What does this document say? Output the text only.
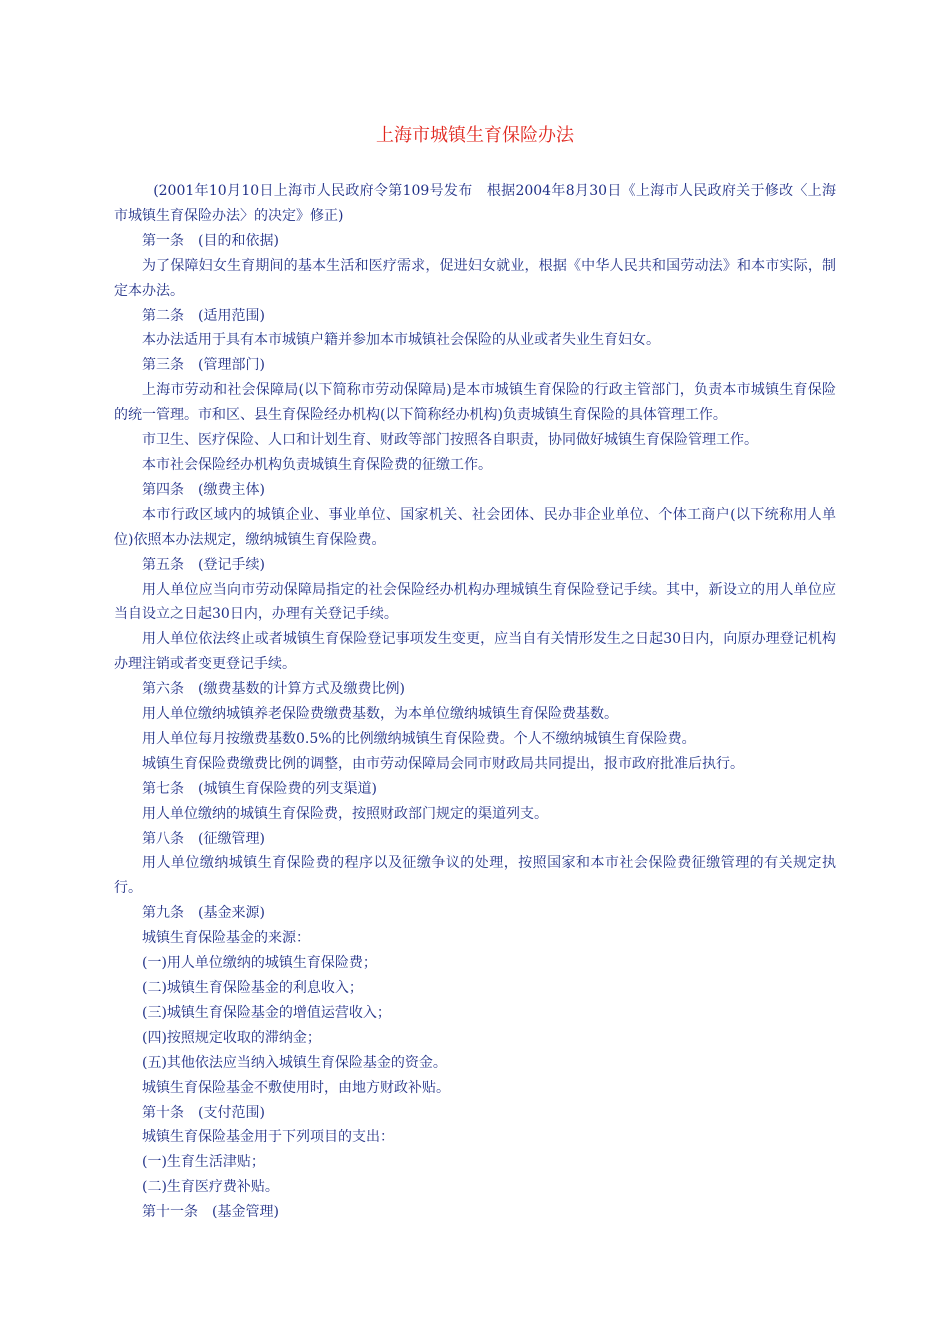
上海市城镇生育保险办法

(2001年10月10日上海市人民政府令第109号发布　根据2004年8月30日《上海市人民政府关于修改〈上海市城镇生育保险办法〉的决定》修正)

第一条　(目的和依据)

为了保障妇女生育期间的基本生活和医疗需求，促进妇女就业，根据《中华人民共和国劳动法》和本市实际，制定本办法。

第二条　(适用范围)

本办法适用于具有本市城镇户籍并参加本市城镇社会保险的从业或者失业生育妇女。

第三条　(管理部门)

上海市劳动和社会保障局(以下简称市劳动保障局)是本市城镇生育保险的行政主管部门，负责本市城镇生育保险的统一管理。市和区、县生育保险经办机构(以下简称经办机构)负责城镇生育保险的具体管理工作。

市卫生、医疗保险、人口和计划生育、财政等部门按照各自职责，协同做好城镇生育保险管理工作。

本市社会保险经办机构负责城镇生育保险费的征缴工作。

第四条　(缴费主体)

本市行政区域内的城镇企业、事业单位、国家机关、社会团体、民办非企业单位、个体工商户(以下统称用人单位)依照本办法规定，缴纳城镇生育保险费。

第五条　(登记手续)

用人单位应当向市劳动保障局指定的社会保险经办机构办理城镇生育保险登记手续。其中，新设立的用人单位应当自设立之日起30日内，办理有关登记手续。

用人单位依法终止或者城镇生育保险登记事项发生变更，应当自有关情形发生之日起30日内，向原办理登记机构办理注销或者变更登记手续。

第六条　(缴费基数的计算方式及缴费比例)

用人单位缴纳城镇养老保险费缴费基数，为本单位缴纳城镇生育保险费基数。

用人单位每月按缴费基数0.5%的比例缴纳城镇生育保险费。个人不缴纳城镇生育保险费。

城镇生育保险费缴费比例的调整，由市劳动保障局会同市财政局共同提出，报市政府批准后执行。

第七条　(城镇生育保险费的列支渠道)

用人单位缴纳的城镇生育保险费，按照财政部门规定的渠道列支。

第八条　(征缴管理)

用人单位缴纳城镇生育保险费的程序以及征缴争议的处理，按照国家和本市社会保险费征缴管理的有关规定执行。

第九条　(基金来源)

城镇生育保险基金的来源：

(一)用人单位缴纳的城镇生育保险费；

(二)城镇生育保险基金的利息收入；

(三)城镇生育保险基金的增值运营收入；

(四)按照规定收取的滞纳金；

(五)其他依法应当纳入城镇生育保险基金的资金。

城镇生育保险基金不敷使用时，由地方财政补贴。

第十条　(支付范围)

城镇生育保险基金用于下列项目的支出：

(一)生育生活津贴；

(二)生育医疗费补贴。

第十一条　(基金管理)
